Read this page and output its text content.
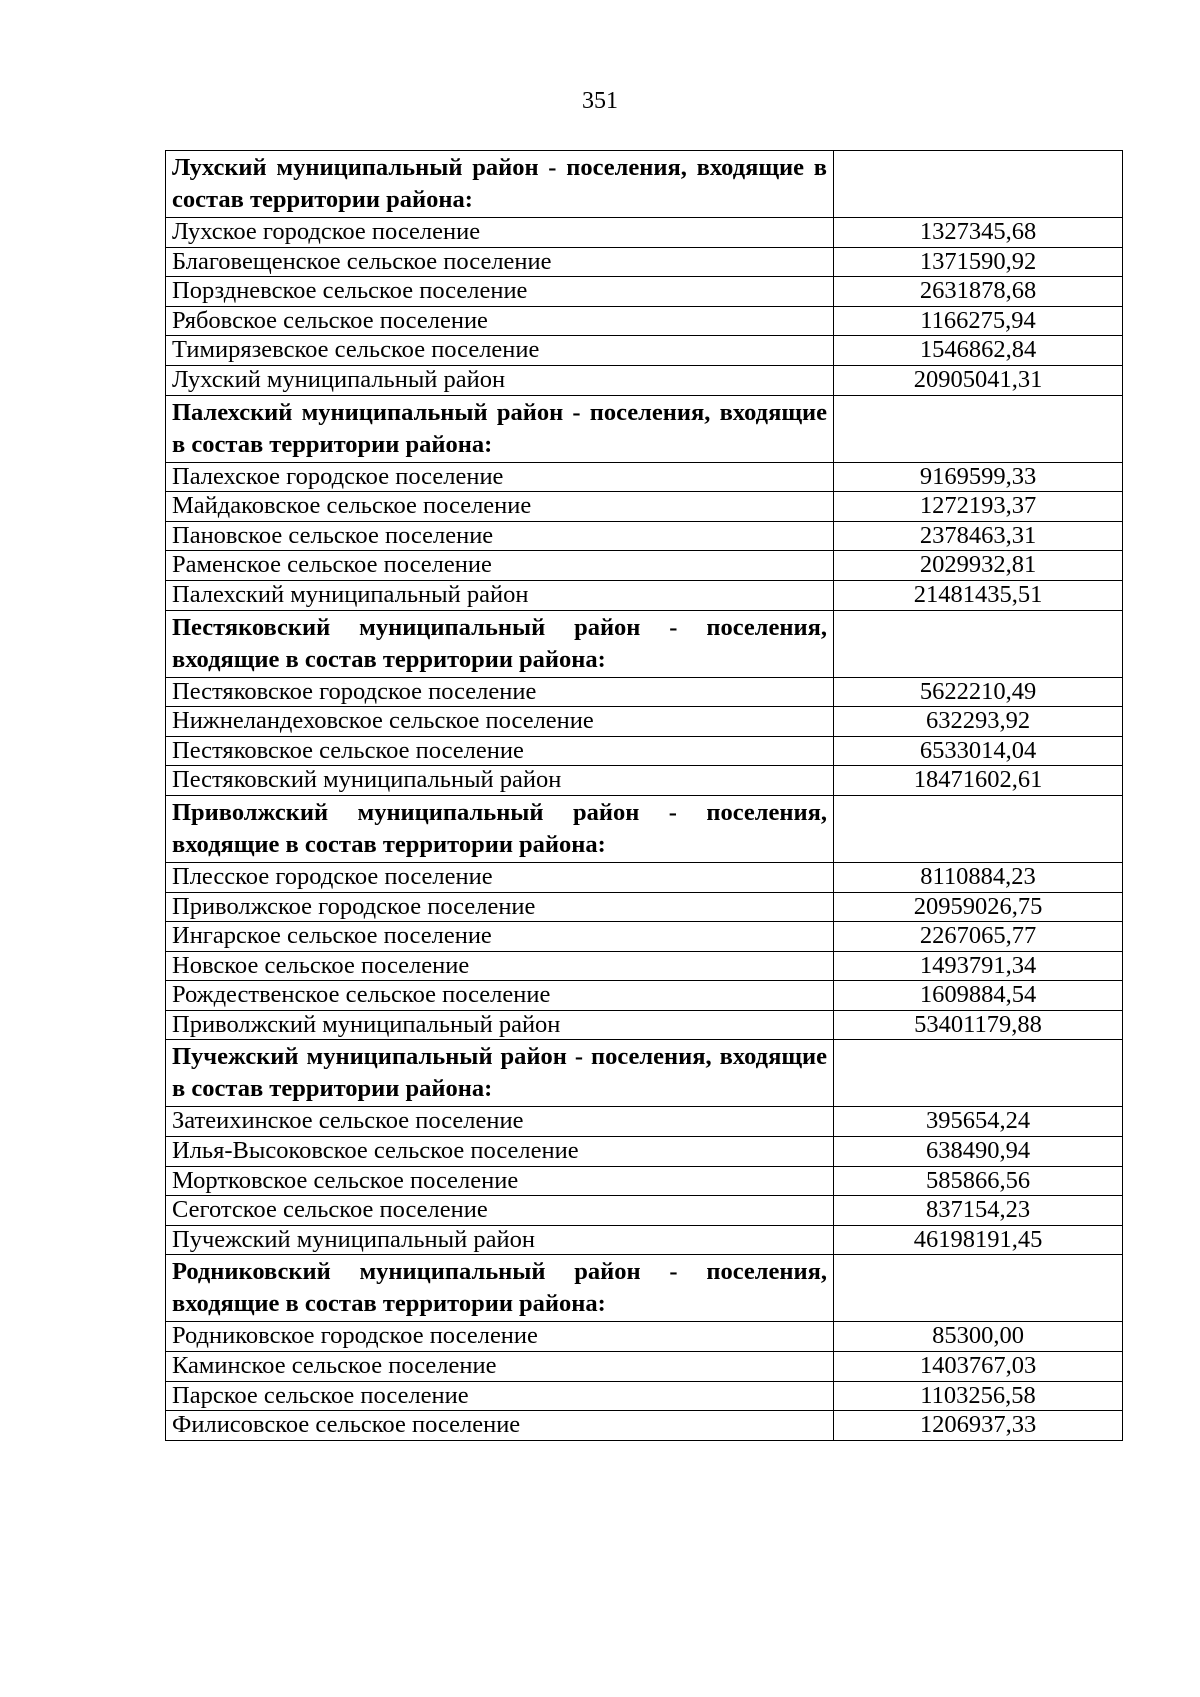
351
Лухский муниципальный район - поселения, входящие в состав территории района:	
Лухское городское поселение	1327345,68
Благовещенское сельское поселение	1371590,92
Порздневское сельское поселение	2631878,68
Рябовское сельское поселение	1166275,94
Тимирязевское сельское поселение	1546862,84
Лухский муниципальный район	20905041,31
Палехский муниципальный район - поселения, входящие в состав территории района:	
Палехское городское поселение	9169599,33
Майдаковское сельское поселение	1272193,37
Пановское сельское поселение	2378463,31
Раменское сельское поселение	2029932,81
Палехский муниципальный район	21481435,51
Пестяковский муниципальный район - поселения, входящие в состав территории района:	
Пестяковское городское поселение	5622210,49
Нижнеландеховское сельское поселение	632293,92
Пестяковское сельское поселение	6533014,04
Пестяковский муниципальный район	18471602,61
Приволжский муниципальный район - поселения, входящие в состав территории района:	
Плесское городское поселение	8110884,23
Приволжское городское поселение	20959026,75
Ингарское сельское поселение	2267065,77
Новское сельское поселение	1493791,34
Рождественское сельское поселение	1609884,54
Приволжский муниципальный район	53401179,88
Пучежский муниципальный район - поселения, входящие в состав территории района:	
Затеихинское сельское поселение	395654,24
Илья-Высоковское сельское поселение	638490,94
Мортковское сельское поселение	585866,56
Сеготское сельское поселение	837154,23
Пучежский муниципальный район	46198191,45
Родниковский муниципальный район - поселения, входящие в состав территории района:	
Родниковское городское поселение	85300,00
Каминское сельское поселение	1403767,03
Парское сельское поселение	1103256,58
Филисовское сельское поселение	1206937,33
